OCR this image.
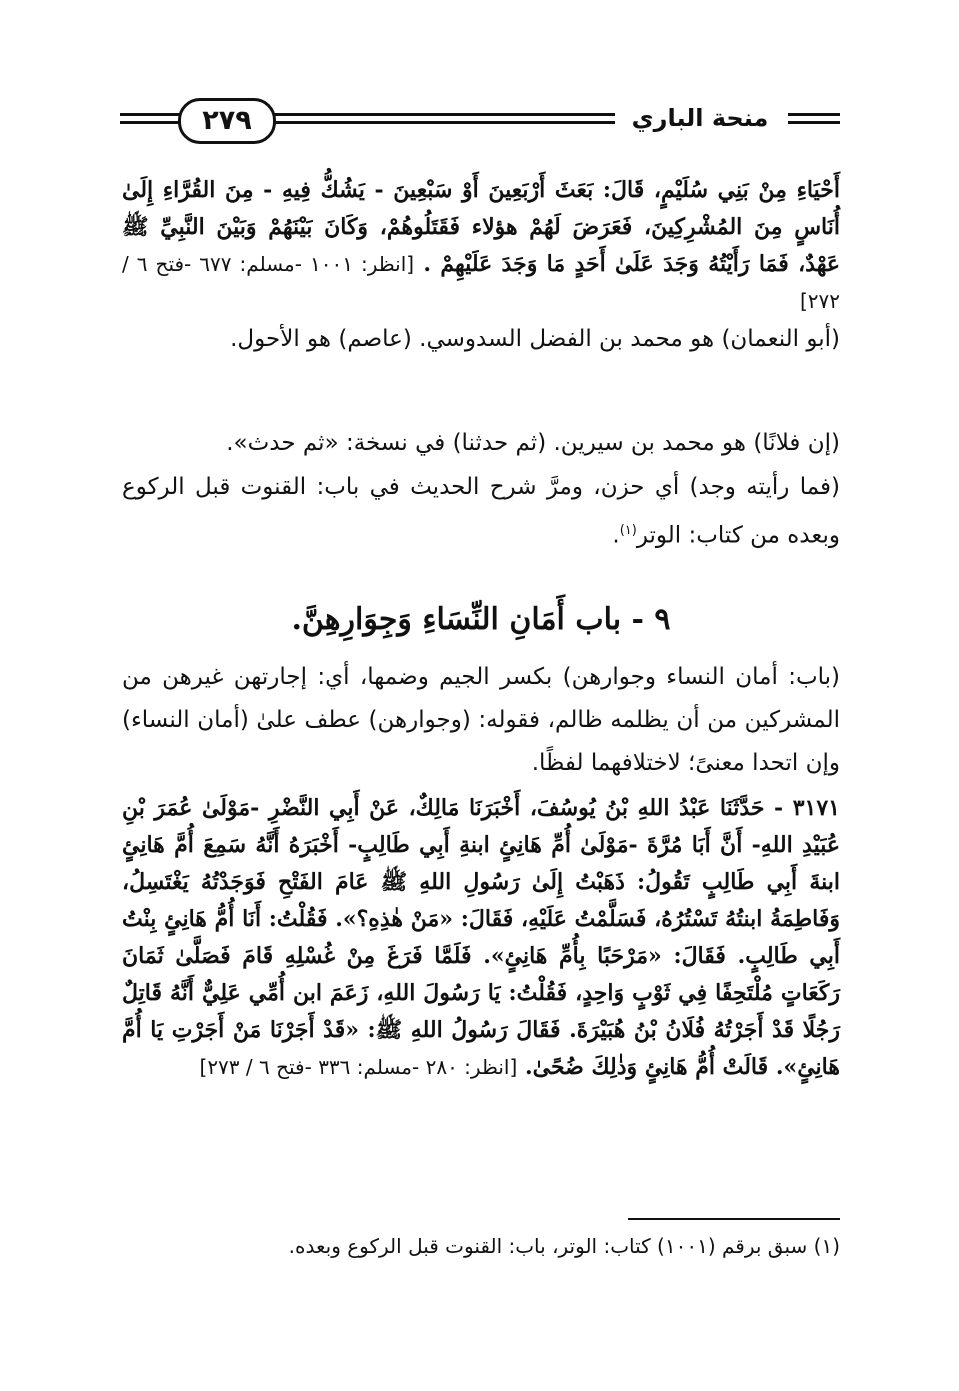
٢٧٩	منحة الباري
أَحْيَاءِ مِنْ بَنِي سُلَيْمٍ، قَالَ: بَعَثَ أَرْبَعِينَ أَوْ سَبْعِينَ - يَشُكُّ فِيهِ - مِنَ القُرَّاءِ إِلَىٰ أُنَاسٍ مِنَ المُشْرِكِينَ، فَعَرَضَ لَهُمْ هؤلاء فَقَتَلُوهُمْ، وَكَانَ بَيْنَهُمْ وَبَيْنَ النَّبِيِّ ﷺ عَهْدٌ، فَمَا رَأَيْتُهُ وَجَدَ عَلَىٰ أَحَدٍ مَا وَجَدَ عَلَيْهِمْ . [انظر: ١٠٠١ -مسلم: ٦٧٧ -فتح ٦ / ٢٧٢]
(أبو النعمان) هو محمد بن الفضل السدوسي. (عاصم) هو الأحول.
(إن فلانًا) هو محمد بن سيرين. (ثم حدثنا) في نسخة: «ثم حدث».
(فما رأيته وجد) أي حزن، ومرَّ شرح الحديث في باب: القنوت قبل الركوع وبعده من كتاب: الوتر$^{(١)}$.
٩ - باب أَمَانِ النِّسَاءِ وَجِوَارِهِنَّ.
(باب: أمان النساء وجوارهن) بكسر الجيم وضمها، أي: إجارتهن غيرهن من المشركين من أن يظلمه ظالم، فقوله: (وجوارهن) عطف علىٰ (أمان النساء) وإن اتحدا معنىً؛ لاختلافهما لفظًا.
٣١٧١ - حَدَّثَنَا عَبْدُ اللهِ بْنُ يُوسُفَ، أَخْبَرَنَا مَالِكٌ، عَنْ أَبِي النَّضْرِ -مَوْلَىٰ عُمَرَ بْنِ عُبَيْدِ اللهِ- أَنَّ أَبَا مُرَّةَ -مَوْلَىٰ أُمِّ هَانِئٍ ابنةِ أَبِي طَالِبٍ- أَخْبَرَهُ أَنَّهُ سَمِعَ أُمَّ هَانِئٍ ابنةَ أَبِي طَالِبٍ تَقُولُ: ذَهَبْتُ إِلَىٰ رَسُولِ اللهِ ﷺ عَامَ الفَتْحِ فَوَجَدْتُهُ يَغْتَسِلُ، وَفَاطِمَةُ ابنتُهُ تَسْتُرُهُ، فَسَلَّمْتُ عَلَيْهِ، فَقَالَ: «مَنْ هٰذِهِ؟». فَقُلْتُ: أَنَا أُمُّ هَانِئٍ بِنْتُ أَبِي طَالِبٍ. فَقَالَ: «مَرْحَبًا بِأُمِّ هَانِئٍ». فَلَمَّا فَرَغَ مِنْ غُسْلِهِ قَامَ فَصَلَّىٰ ثَمَانَ رَكَعَاتٍ مُلْتَحِفًا فِي ثَوْبٍ وَاحِدٍ، فَقُلْتُ: يَا رَسُولَ اللهِ، زَعَمَ ابن أُمِّي عَلِيٌّ أَنَّهُ قَاتِلٌ رَجُلًا قَدْ أَجَرْتُهُ فُلَانُ بْنُ هُبَيْرَةَ. فَقَالَ رَسُولُ اللهِ ﷺ: «قَدْ أَجَرْنَا مَنْ أَجَرْتِ يَا أُمَّ هَانِئٍ». قَالَتْ أُمُّ هَانِئٍ وَذٰلِكَ ضُحًىٰ. [انظر: ٢٨٠ -مسلم: ٣٣٦ -فتح ٦ / ٢٧٣]
(١) سبق برقم (١٠٠١) كتاب: الوتر، باب: القنوت قبل الركوع وبعده.
